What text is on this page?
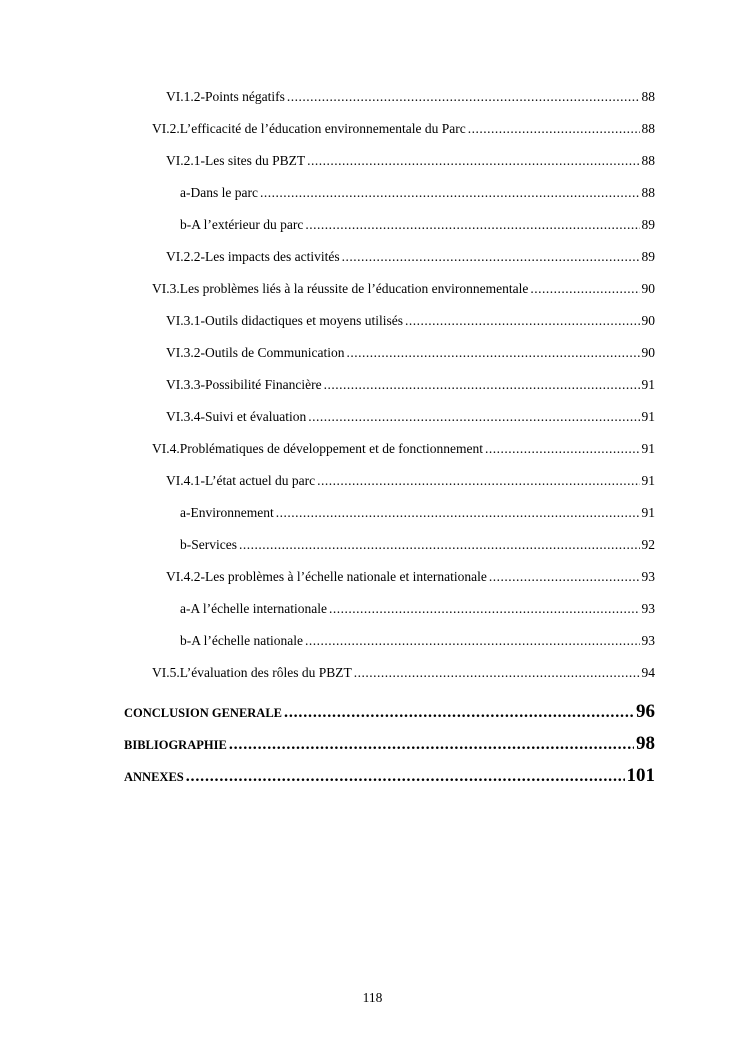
VI.1.2- Points négatifs .....	88
VI.2. L’efficacité de l’éducation environnementale du Parc .....	88
VI.2.1- Les sites du PBZT .....	88
a- Dans le parc .....	88
b- A l’extérieur du parc .....	89
VI.2.2- Les impacts des activités .....	89
VI.3. Les problèmes liés à la réussite de l’éducation environnementale .....	90
VI.3.1- Outils didactiques et moyens utilisés .....	90
VI.3.2- Outils de Communication .....	90
VI.3.3- Possibilité Financière .....	91
VI.3.4- Suivi et évaluation .....	91
VI.4. Problématiques de développement et de fonctionnement .....	91
VI.4.1- L’état actuel du parc .....	91
a- Environnement .....	91
b- Services .....	92
VI.4.2- Les problèmes à l’échelle nationale et internationale .....	93
a- A l’échelle internationale .....	93
b- A l’échelle nationale .....	93
VI.5. L’évaluation des rôles du PBZT .....	94
CONCLUSION GENERALE .....	96
BIBLIOGRAPHIE .....	98
ANNEXES .....	101
118
